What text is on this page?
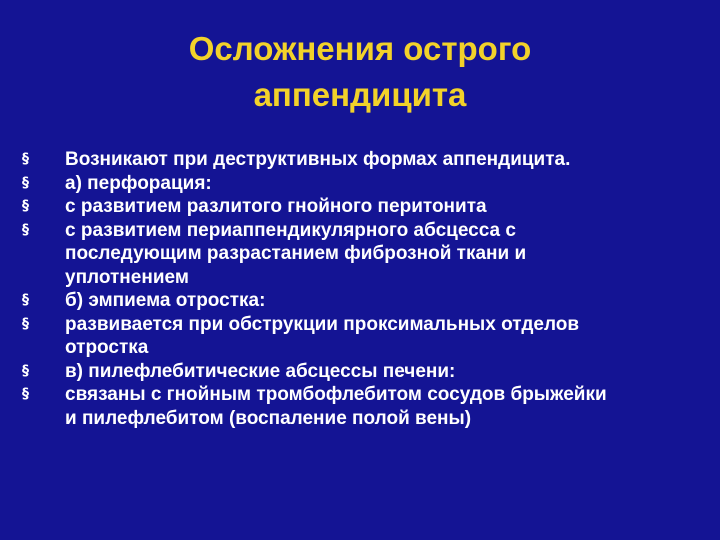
Осложнения острого
аппендицита
§	Возникают при деструктивных формах аппендицита.
§	а) перфорация:
§	с развитием разлитого гнойного перитонита
§	с развитием периаппендикулярного абсцесса с
последующим разрастанием фиброзной ткани и
уплотнением
§	б) эмпиема отростка:
§	развивается при обструкции проксимальных отделов
отростка
§	в) пилефлебитические абсцессы печени:
§	связаны с гнойным тромбофлебитом сосудов брыжейки
и пилефлебитом (воспаление полой вены)
